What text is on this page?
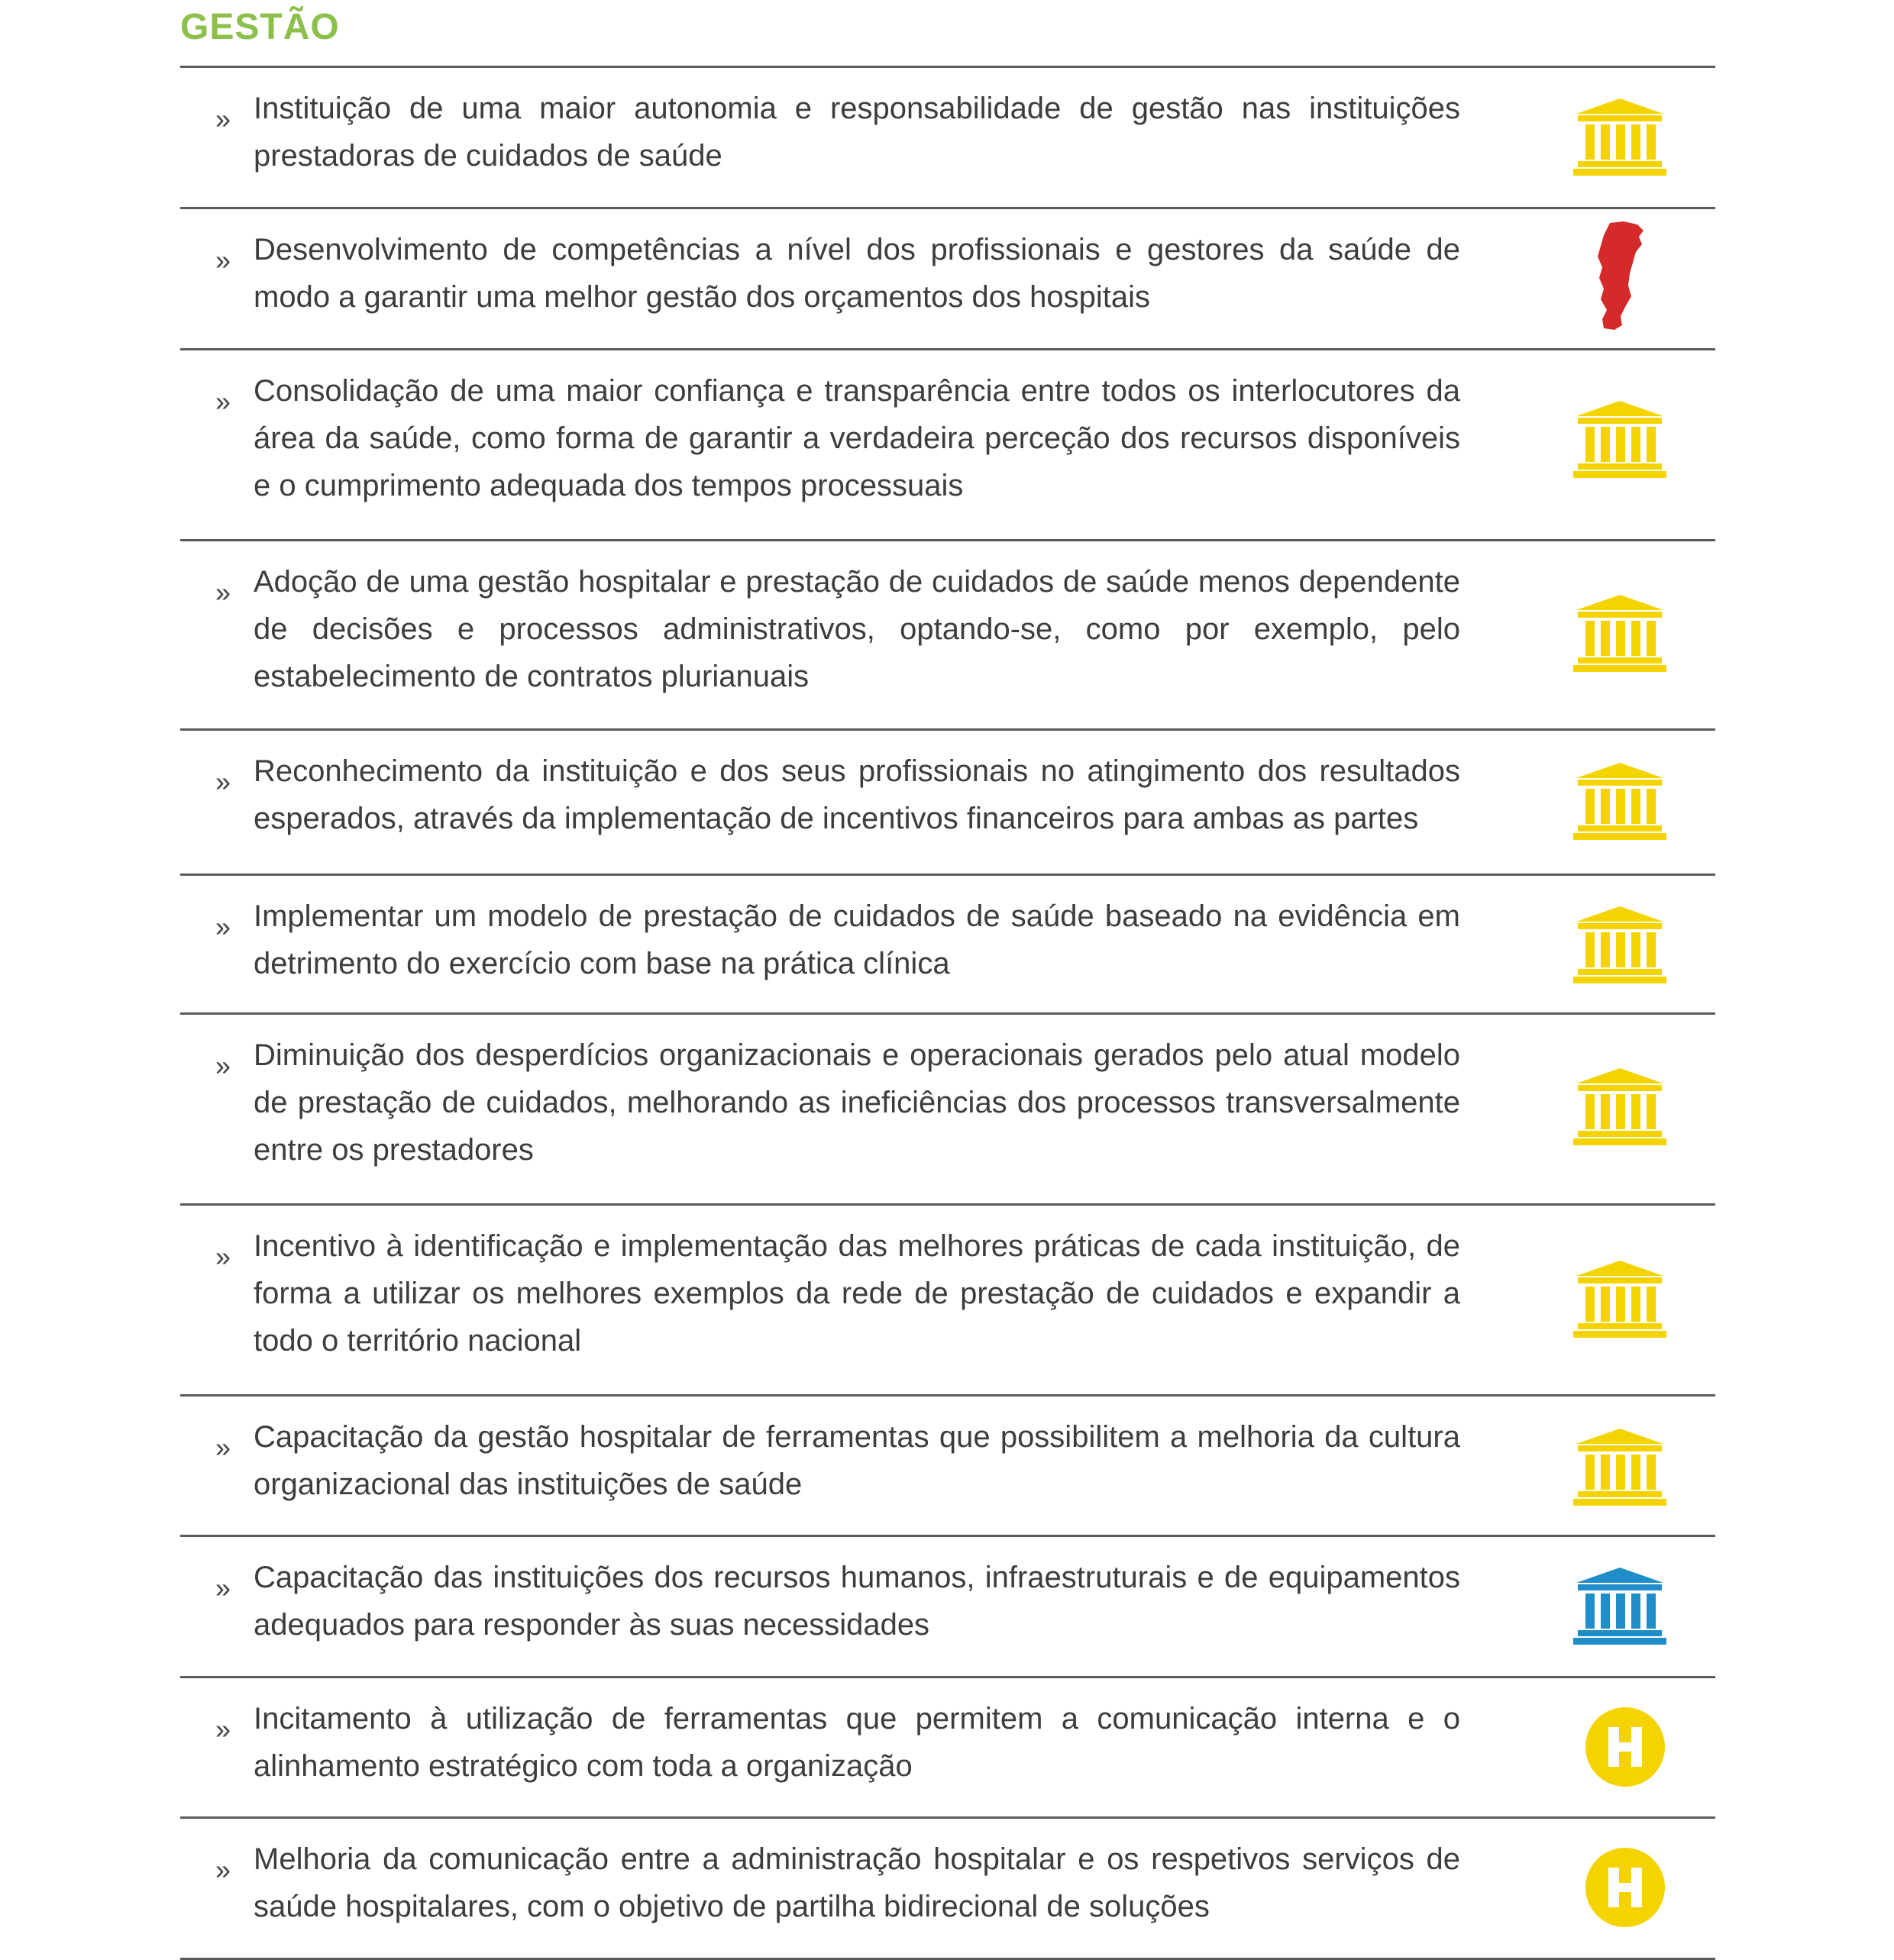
GESTÃO
» Instituição de uma maior autonomia e responsabilidade de gestão nas instituições prestadoras de cuidados de saúde
» Desenvolvimento de competências a nível dos profissionais e gestores da saúde de modo a garantir uma melhor gestão dos orçamentos dos hospitais
» Consolidação de uma maior confiança e transparência entre todos os interlocutores da área da saúde, como forma de garantir a verdadeira perceção dos recursos disponíveis e o cumprimento adequada dos tempos processuais
» Adoção de uma gestão hospitalar e prestação de cuidados de saúde menos dependente de decisões e processos administrativos, optando-se, como por exemplo, pelo estabelecimento de contratos plurianuais
» Reconhecimento da instituição e dos seus profissionais no atingimento dos resultados esperados, através da implementação de incentivos financeiros para ambas as partes
» Implementar um modelo de prestação de cuidados de saúde baseado na evidência em detrimento do exercício com base na prática clínica
» Diminuição dos desperdícios organizacionais e operacionais gerados pelo atual modelo de prestação de cuidados, melhorando as ineficiências dos processos transversalmente entre os prestadores
» Incentivo à identificação e implementação das melhores práticas de cada instituição, de forma a utilizar os melhores exemplos da rede de prestação de cuidados e expandir a todo o território nacional
» Capacitação da gestão hospitalar de ferramentas que possibilitem a melhoria da cultura organizacional das instituições de saúde
» Capacitação das instituições dos recursos humanos, infraestruturais e de equipamentos adequados para responder às suas necessidades
» Incitamento à utilização de ferramentas que permitem a comunicação interna e o alinhamento estratégico com toda a organização
» Melhoria da comunicação entre a administração hospitalar e os respetivos serviços de saúde hospitalares, com o objetivo de partilha bidirecional de soluções
